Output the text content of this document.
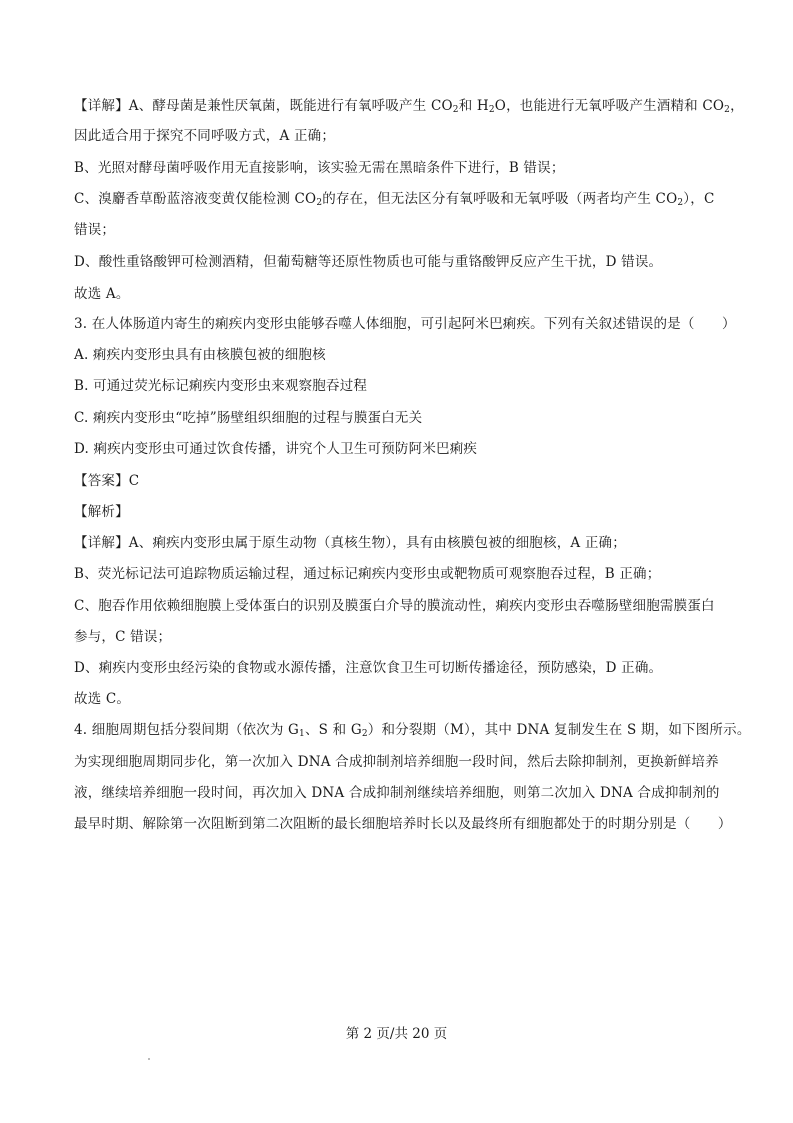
【详解】A、酵母菌是兼性厌氧菌，既能进行有氧呼吸产生 $CO_2$和 $H_2O$，也能进行无氧呼吸产生酒精和 $CO_2$，
因此适合用于探究不同呼吸方式，A 正确；
B、光照对酵母菌呼吸作用无直接影响，该实验无需在黑暗条件下进行，B 错误；
C、溴麝香草酚蓝溶液变黄仅能检测 $CO_2$的存在，但无法区分有氧呼吸和无氧呼吸（两者均产生 $CO_2$），C
错误；
D、酸性重铬酸钾可检测酒精，但葡萄糖等还原性物质也可能与重铬酸钾反应产生干扰，D 错误。
故选 A。
3. 在人体肠道内寄生的痢疾内变形虫能够吞噬人体细胞，可引起阿米巴痢疾。下列有关叙述错误的是（　　）
A. 痢疾内变形虫具有由核膜包被的细胞核
B. 可通过荧光标记痢疾内变形虫来观察胞吞过程
C. 痢疾内变形虫“吃掉”肠壁组织细胞的过程与膜蛋白无关
D. 痢疾内变形虫可通过饮食传播，讲究个人卫生可预防阿米巴痢疾
【答案】C
【解析】
【详解】A、痢疾内变形虫属于原生动物（真核生物），具有由核膜包被的细胞核，A 正确；
B、荧光标记法可追踪物质运输过程，通过标记痢疾内变形虫或靶物质可观察胞吞过程，B 正确；
C、胞吞作用依赖细胞膜上受体蛋白的识别及膜蛋白介导的膜流动性，痢疾内变形虫吞噬肠壁细胞需膜蛋白
参与，C 错误；
D、痢疾内变形虫经污染的食物或水源传播，注意饮食卫生可切断传播途径，预防感染，D 正确。
故选 C。
4. 细胞周期包括分裂间期（依次为 $G_1$、S 和 $G_2$）和分裂期（M），其中 DNA 复制发生在 S 期，如下图所示。
为实现细胞周期同步化，第一次加入 DNA 合成抑制剂培养细胞一段时间，然后去除抑制剂，更换新鲜培养
液，继续培养细胞一段时间，再次加入 DNA 合成抑制剂继续培养细胞，则第二次加入 DNA 合成抑制剂的
最早时期、解除第一次阻断到第二次阻断的最长细胞培养时长以及最终所有细胞都处于的时期分别是（　　）
第 2 页/共 20 页
